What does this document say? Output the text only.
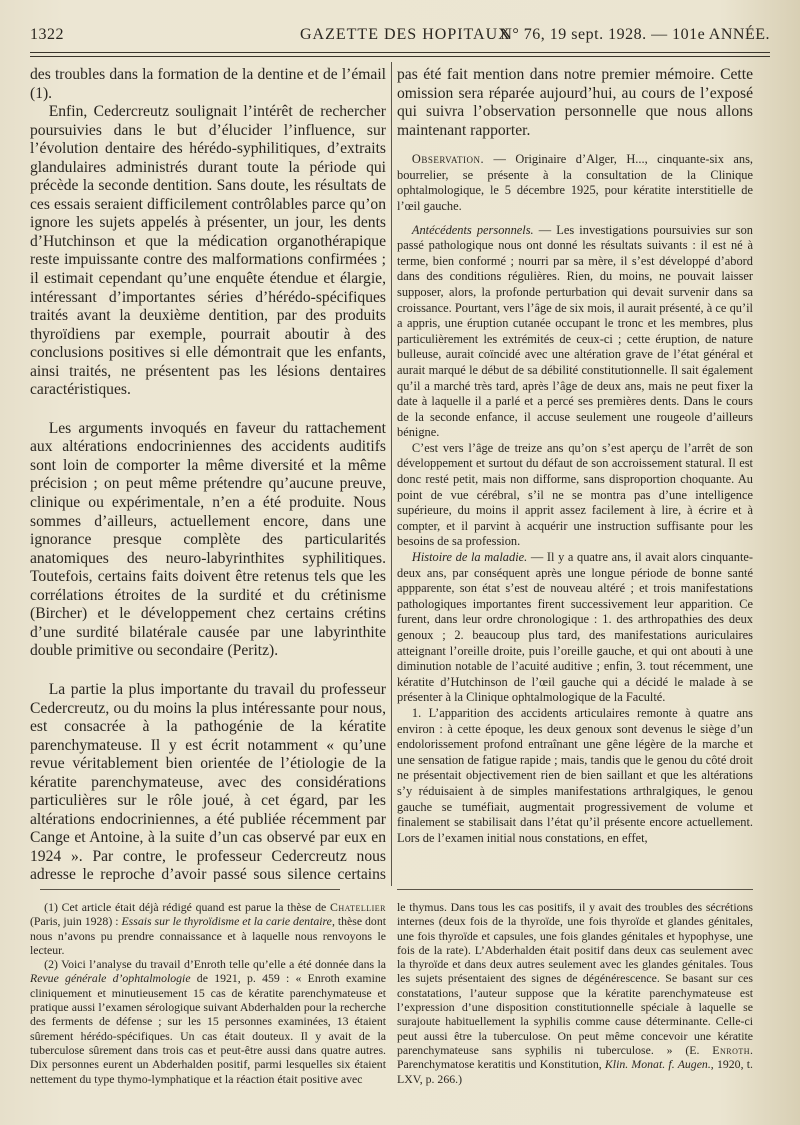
1322	GAZETTE DES HOPITAUX
N° 76, 19 sept. 1928. — 101e ANNÉE.

des troubles dans la formation de la dentine et de l’émail (1).

Enfin, Cedercreutz soulignait l’intérêt de rechercher poursuivies dans le but d’élucider l’influence, sur l’évolution dentaire des hérédo-syphilitiques, d’extraits glandulaires administrés durant toute la période qui précède la seconde dentition. Sans doute, les résultats de ces essais seraient difficilement contrôlables parce qu’on ignore les sujets appelés à présenter, un jour, les dents d’Hutchinson et que la médication organothérapique reste impuissante contre des malformations confirmées ; il estimait cependant qu’une enquête étendue et élargie, intéressant d’importantes séries d’hérédo-spécifiques traités avant la deuxième dentition, par des produits thyroïdiens par exemple, pourrait aboutir à des conclusions positives si elle démontrait que les enfants, ainsi traités, ne présentent pas les lésions dentaires caractéristiques.

Les arguments invoqués en faveur du rattachement aux altérations endocriniennes des accidents auditifs sont loin de comporter la même diversité et la même précision ; on peut même prétendre qu’aucune preuve, clinique ou expérimentale, n’en a été produite. Nous sommes d’ailleurs, actuellement encore, dans une ignorance presque complète des particularités anatomiques des neuro-labyrinthites syphilitiques. Toutefois, certains faits doivent être retenus tels que les corrélations étroites de la surdité et du crétinisme (Bircher) et le développement chez certains crétins d’une surdité bilatérale causée par une labyrinthite double primitive ou secondaire (Peritz).

La partie la plus importante du travail du professeur Cedercreutz, ou du moins la plus intéressante pour nous, est consacrée à la pathogénie de la kératite parenchymateuse. Il y est écrit notamment « qu’une revue véritablement bien orientée de l’étiologie de la kératite parenchymateuse, avec des considérations particulières sur le rôle joué, à cet égard, par les altérations endocriniennes, a été publiée récemment par Cange et Antoine, à la suite d’un cas observé par eux en 1924 ». Par contre, le professeur Cedercreutz nous adresse le reproche d’avoir passé sous silence certains

pas été fait mention dans notre premier mémoire. Cette omission sera réparée aujourd’hui, au cours de l’exposé qui suivra l’observation personnelle que nous allons maintenant rapporter.

Observation. — Originaire d’Alger, H..., cinquante-six ans, bourrelier, se présente à la consultation de la Clinique ophtalmologique, le 5 décembre 1925, pour kératite interstitielle de l’œil gauche.

Antécédents personnels. — Les investigations poursuivies sur son passé pathologique nous ont donné les résultats suivants : il est né à terme, bien conformé ; nourri par sa mère, il s’est développé d’abord dans des conditions régulières. Rien, du moins, ne pouvait laisser supposer, alors, la profonde perturbation qui devait survenir dans sa croissance. Pourtant, vers l’âge de six mois, il aurait présenté, à ce qu’il a appris, une éruption cutanée occupant le tronc et les membres, plus particulièrement les extrémités de ceux-ci ; cette éruption, de nature bulleuse, aurait coïncidé avec une altération grave de l’état général et aurait marqué le début de sa débilité constitutionnelle. Il sait également qu’il a marché très tard, après l’âge de deux ans, mais ne peut fixer la date à laquelle il a parlé et a percé ses premières dents. Dans le cours de la seconde enfance, il accuse seulement une rougeole d’ailleurs bénigne.

C’est vers l’âge de treize ans qu’on s’est aperçu de l’arrêt de son développement et surtout du défaut de son accroissement statural. Il est donc resté petit, mais non difforme, sans disproportion choquante. Au point de vue cérébral, s’il ne se montra pas d’une intelligence supérieure, du moins il apprit assez facilement à lire, à écrire et à compter, et il parvint à acquérir une instruction suffisante pour les besoins de sa profession.

Histoire de la maladie. — Il y a quatre ans, il avait alors cinquante-deux ans, par conséquent après une longue période de bonne santé appparente, son état s’est de nouveau altéré ; et trois manifestations pathologiques importantes firent successivement leur apparition. Ce furent, dans leur ordre chronologique : 1. des arthropathies des deux genoux ; 2. beaucoup plus tard, des manifestations auriculaires atteignant l’oreille droite, puis l’oreille gauche, et qui ont abouti à une diminution notable de l’acuité auditive ; enfin, 3. tout récemment, une kératite d’Hutchinson de l’œil gauche qui a décidé le malade à se présenter à la Clinique ophtalmologique de la Faculté.

1. L’apparition des accidents articulaires remonte à quatre ans environ : à cette époque, les deux genoux sont devenus le siège d’un endolorissement profond entraînant une gêne légère de la marche et une sensation de fatigue rapide ; mais, tandis que le genou du côté droit ne présentait objectivement rien de bien saillant et que les altérations s’y réduisaient à de simples manifestations arthralgiques, le genou gauche se tuméfiait, augmentait progressivement de volume et finalement se stabilisait dans l’état qu’il présente encore actuellement. Lors de l’examen initial nous constations, en effet,

(1) Cet article était déjà rédigé quand est parue la thèse de Chatellier (Paris, juin 1928) : Essais sur le thyroïdisme et la carie dentaire, thèse dont nous n’avons pu prendre connaissance et à laquelle nous renvoyons le lecteur.

(2) Voici l’analyse du travail d’Enroth telle qu’elle a été donnée dans la Revue générale d’ophtalmologie de 1921, p. 459 : « Enroth examine cliniquement et minutieusement 15 cas de kératite parenchymateuse et pratique aussi l’examen sérologique suivant Abderhalden pour la recherche des ferments de défense ; sur les 15 personnes examinées, 13 étaient sûrement hérédo-spécifiques. Un cas était douteux. Il y avait de la tuberculose sûrement dans trois cas et peut-être aussi dans quatre autres. Dix personnes eurent un Abderhalden positif, parmi lesquelles six étaient nettement du type thymo-lymphatique et la réaction était positive avec

le thymus. Dans tous les cas positifs, il y avait des troubles des sécrétions internes (deux fois de la thyroïde, une fois thyroïde et glandes génitales, une fois thyroïde et capsules, une fois glandes génitales et hypophyse, une fois de la rate). L’Abderhalden était positif dans deux cas seulement avec la thyroïde et dans deux autres seulement avec les glandes génitales. Tous les sujets présentaient des signes de dégénérescence. Se basant sur ces constatations, l’auteur suppose que la kératite parenchymateuse est l’expression d’une disposition constitutionnelle spéciale à laquelle se surajoute habituellement la syphilis comme cause déterminante. Celle-ci peut aussi être la tuberculose. On peut même concevoir une kératite parenchymateuse sans syphilis ni tuberculose. » (E. Enroth. Parenchymatose keratitis und Konstitution, Klin. Monat. f. Augen., 1920, t. LXV, p. 266.)
